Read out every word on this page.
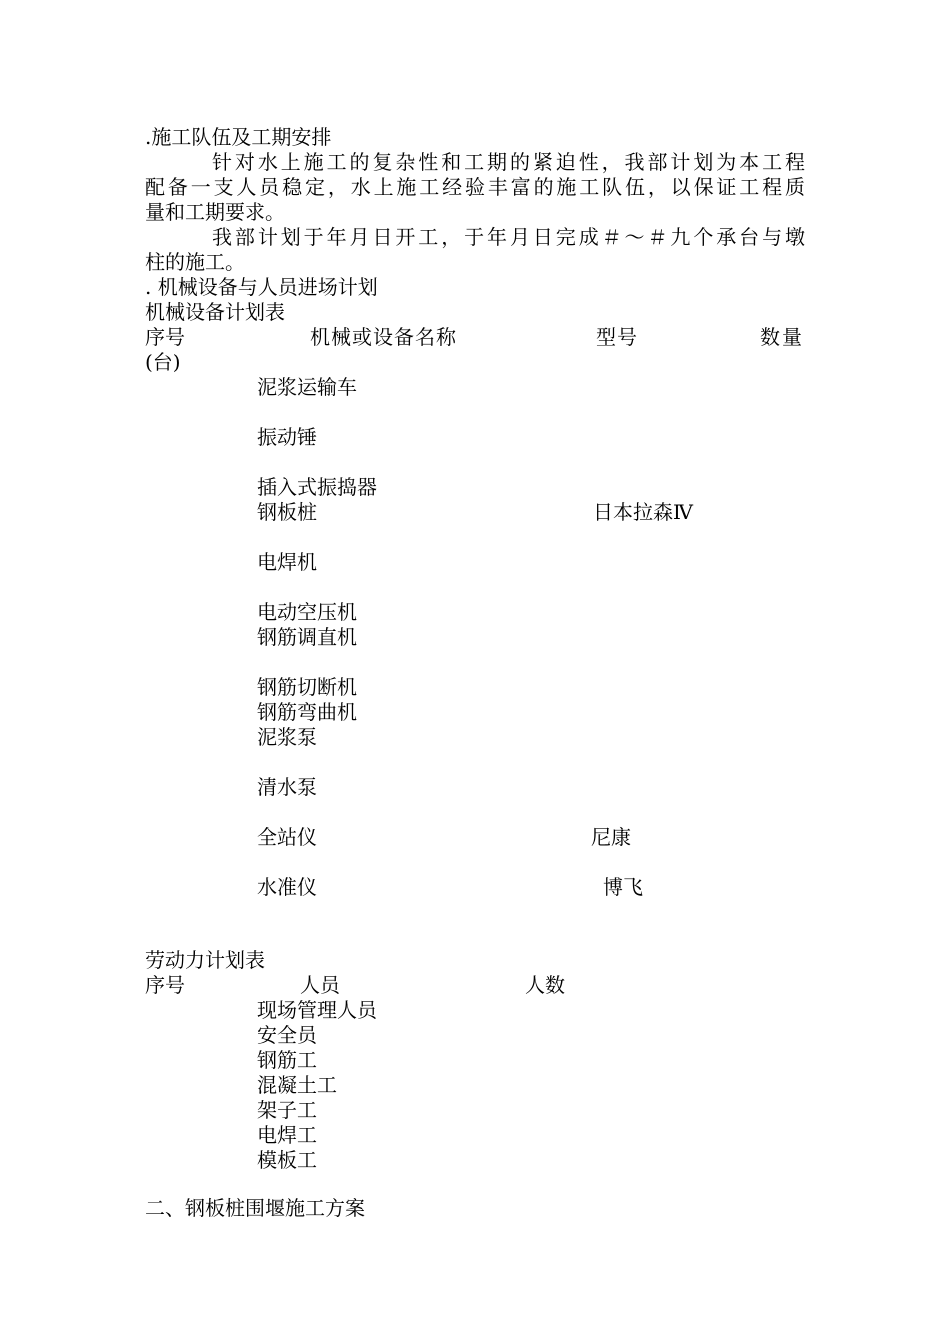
.施工队伍及工期安排
针对水上施工的复杂性和工期的紧迫性，我部计划为本工程
配备一支人员稳定，水上施工经验丰富的施工队伍，以保证工程质
量和工期要求。
我部计划于年月日开工，于年月日完成＃～＃九个承台与墩
柱的施工。
. 机械设备与人员进场计划
机械设备计划表
序号	机械或设备名称	型号	数量
(台)
泥浆运输车
振动锤
插入式振捣器
钢板桩	日本拉森Ⅳ
电焊机
电动空压机
钢筋调直机
钢筋切断机
钢筋弯曲机
泥浆泵
清水泵
全站仪	尼康
水准仪	博飞
劳动力计划表
序号	人员	人数
现场管理人员
安全员
钢筋工
混凝土工
架子工
电焊工
模板工
二、钢板桩围堰施工方案
